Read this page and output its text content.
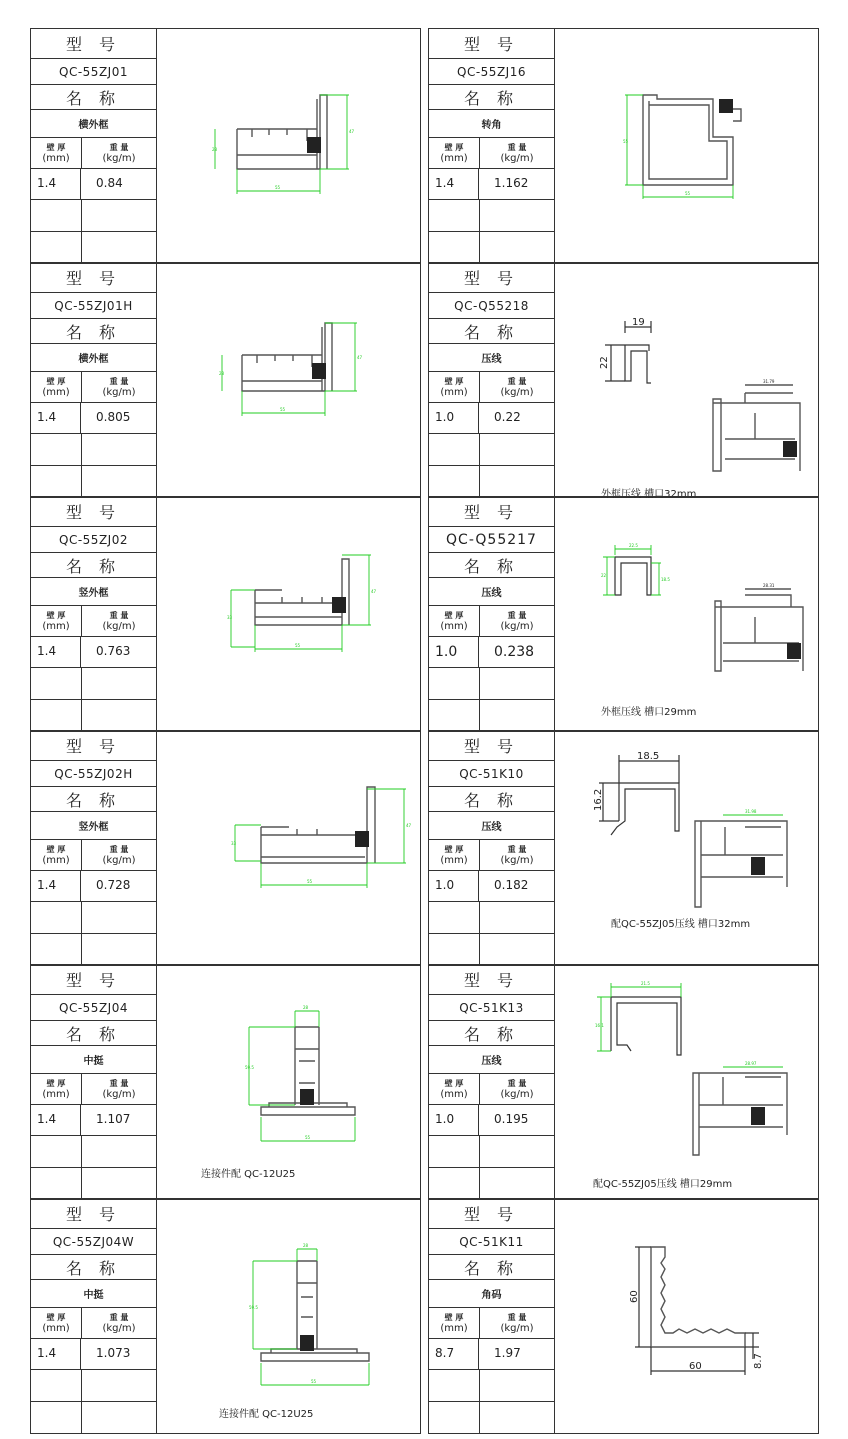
型 号
QC-55ZJ01
名 称
横外框
壁 厚
(mm)
重 量
(kg/m)
1.4	0.84
28
55
47
型 号
QC-55ZJ01H
名 称
横外框
壁 厚
(mm)
重 量
(kg/m)
1.4	0.805
28
55
47
型 号
QC-55ZJ02
名 称
竖外框
壁 厚
(mm)
重 量
(kg/m)
1.4	0.763
33
55
47
型 号
QC-55ZJ02H
名 称
竖外框
壁 厚
(mm)
重 量
(kg/m)
1.4	0.728
33
55
47
型 号
QC-55ZJ04
名 称
中挺
壁 厚
(mm)
重 量
(kg/m)
1.4	1.107
59.5
28
55
连接件配 QC-12U25
型 号
QC-55ZJ04W
名 称
中挺
壁 厚
(mm)
重 量
(kg/m)
1.4	1.073
59.5
28
55
连接件配 QC-12U25
型 号
QC-55ZJ16
名 称
转角
壁 厚
(mm)
重 量
(kg/m)
1.4	1.162
55
55
型 号
QC-Q55218
名 称
压线
壁 厚
(mm)
重 量
(kg/m)
1.0	0.22
19
22
31.79
外框压线 槽口32mm
型 号
QC-Q55217
名 称
压线
壁 厚
(mm)
重 量
(kg/m)
1.0	0.238
22.5
22
18.5
28.31
外框压线 槽口29mm
型 号
QC-51K10
名 称
压线
壁 厚
(mm)
重 量
(kg/m)
1.0	0.182
18.5
16.2
31.98
配QC-55ZJ05压线 槽口32mm
型 号
QC-51K13
名 称
压线
壁 厚
(mm)
重 量
(kg/m)
1.0	0.195
21.5
16.1
28.97
配QC-55ZJ05压线 槽口29mm
型 号
QC-51K11
名 称
角码
壁 厚
(mm)
重 量
(kg/m)
8.7	1.97
60
60	8.7
